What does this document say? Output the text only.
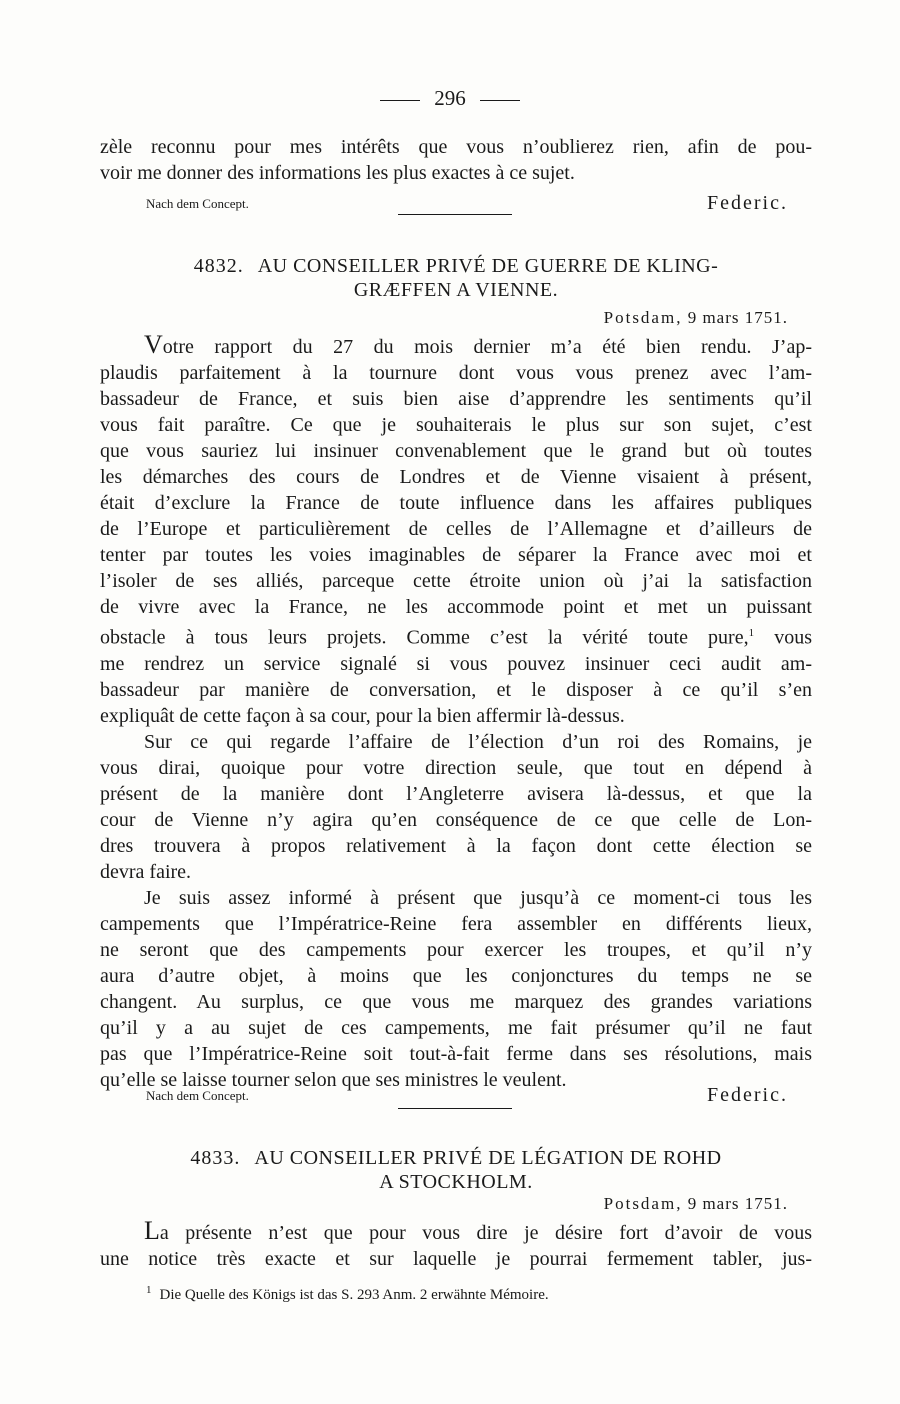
296
zèle reconnu pour mes intérêts que vous n’oublierez rien, afin de pou-
voir me donner des informations les plus exactes à ce sujet.
Nach dem Concept.	Federic.
4832. AU CONSEILLER PRIVÉ DE GUERRE DE KLING-
GRÆFFEN A VIENNE.
Potsdam, 9 mars 1751.
Votre rapport du 27 du mois dernier m’a été bien rendu. J’ap-
plaudis parfaitement à la tournure dont vous vous prenez avec l’am-
bassadeur de France, et suis bien aise d’apprendre les sentiments qu’il
vous fait paraître. Ce que je souhaiterais le plus sur son sujet, c’est
que vous sauriez lui insinuer convenablement que le grand but où toutes
les démarches des cours de Londres et de Vienne visaient à présent,
était d’exclure la France de toute influence dans les affaires publiques
de l’Europe et particulièrement de celles de l’Allemagne et d’ailleurs de
tenter par toutes les voies imaginables de séparer la France avec moi et
l’isoler de ses alliés, parceque cette étroite union où j’ai la satisfaction
de vivre avec la France, ne les accommode point et met un puissant
obstacle à tous leurs projets. Comme c’est la vérité toute pure,$^1$ vous
me rendrez un service signalé si vous pouvez insinuer ceci audit am-
bassadeur par manière de conversation, et le disposer à ce qu’il s’en
expliquât de cette façon à sa cour, pour la bien affermir là-dessus.
Sur ce qui regarde l’affaire de l’élection d’un roi des Romains, je
vous dirai, quoique pour votre direction seule, que tout en dépend à
présent de la manière dont l’Angleterre avisera là-dessus, et que la
cour de Vienne n’y agira qu’en conséquence de ce que celle de Lon-
dres trouvera à propos relativement à la façon dont cette élection se
devra faire.
Je suis assez informé à présent que jusqu’à ce moment-ci tous les
campements que l’Impératrice-Reine fera assembler en différents lieux,
ne seront que des campements pour exercer les troupes, et qu’il n’y
aura d’autre objet, à moins que les conjonctures du temps ne se
changent. Au surplus, ce que vous me marquez des grandes variations
qu’il y a au sujet de ces campements, me fait présumer qu’il ne faut
pas que l’Impératrice-Reine soit tout-à-fait ferme dans ses résolutions, mais
qu’elle se laisse tourner selon que ses ministres le veulent.
Nach dem Concept.	Federic.
4833. AU CONSEILLER PRIVÉ DE LÉGATION DE ROHD
A STOCKHOLM.
Potsdam, 9 mars 1751.
La présente n’est que pour vous dire je désire fort d’avoir de vous
une notice très exacte et sur laquelle je pourrai fermement tabler, jus-
$^1$ Die Quelle des Königs ist das S. 293 Anm. 2 erwähnte Mémoire.
